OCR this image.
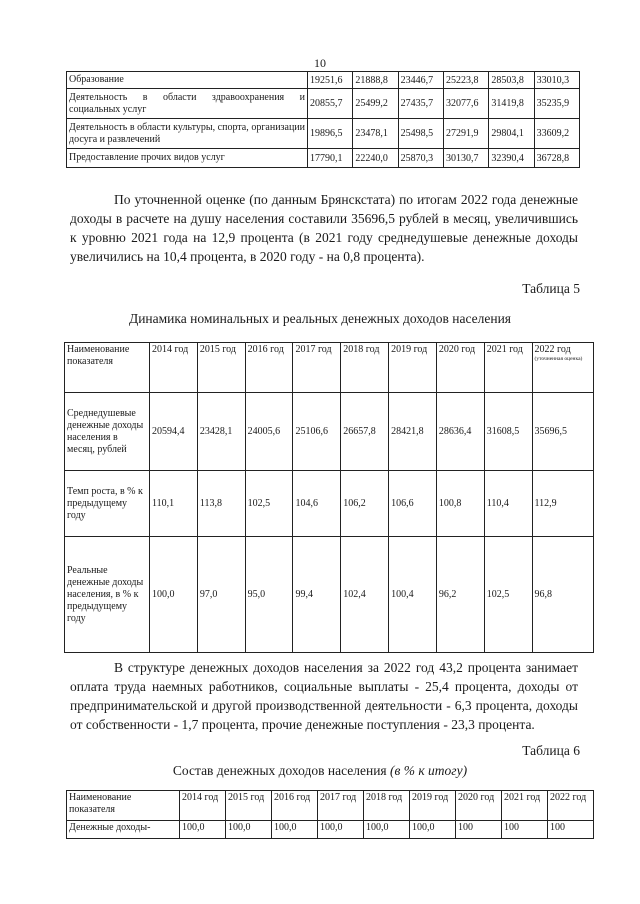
10
Образование	19251,6	21888,8	23446,7	25223,8	28503,8	33010,3
Деятельность в области здравоохранения и социальных услуг	20855,7	25499,2	27435,7	32077,6	31419,8	35235,9
Деятельность в области культуры, спорта, организации досуга и развлечений	19896,5	23478,1	25498,5	27291,9	29804,1	33609,2
Предоставление прочих видов услуг	17790,1	22240,0	25870,3	30130,7	32390,4	36728,8
По уточненной оценке (по данным Брянскстата) по итогам 2022 года денежные доходы в расчете на душу населения составили 35696,5 рублей в месяц, увеличившись к уровню 2021 года на 12,9 процента (в 2021 году среднедушевые денежные доходы увеличились на 10,4 процента, в 2020 году - на 0,8 процента).
Таблица 5
Динамика номинальных и реальных денежных доходов населения
Наименование показателя	2014 год	2015 год	2016 год	2017 год	2018 год	2019 год	2020 год	2021 год	2022 год
(уточненная оценка)

Среднедушевые денежные доходы населения в месяц, рублей	20594,4	23428,1	24005,6	25106,6	26657,8	28421,8	28636,4	31608,5	35696,5
Темп роста, в % к предыдущему году	110,1	113,8	102,5	104,6	106,2	106,6	100,8	110,4	112,9
Реальные денежные доходы населения, в % к предыдущему году	100,0	97,0	95,0	99,4	102,4	100,4	96,2	102,5	96,8
В структуре денежных доходов населения за 2022 год 43,2 процента занимает оплата труда наемных работников, социальные выплаты - 25,4 процента, доходы от предпринимательской и другой производственной деятельности - 6,3 процента, доходы от собственности - 1,7 процента, прочие денежные поступления - 23,3 процента.
Таблица 6
Состав денежных доходов населения (в % к итогу)
Наименование показателя	2014 год	2015 год	2016 год	2017 год	2018 год	2019 год	2020 год	2021 год	2022 год
Денежные доходы-	100,0	100,0	100,0	100,0	100,0	100,0	100	100	100
